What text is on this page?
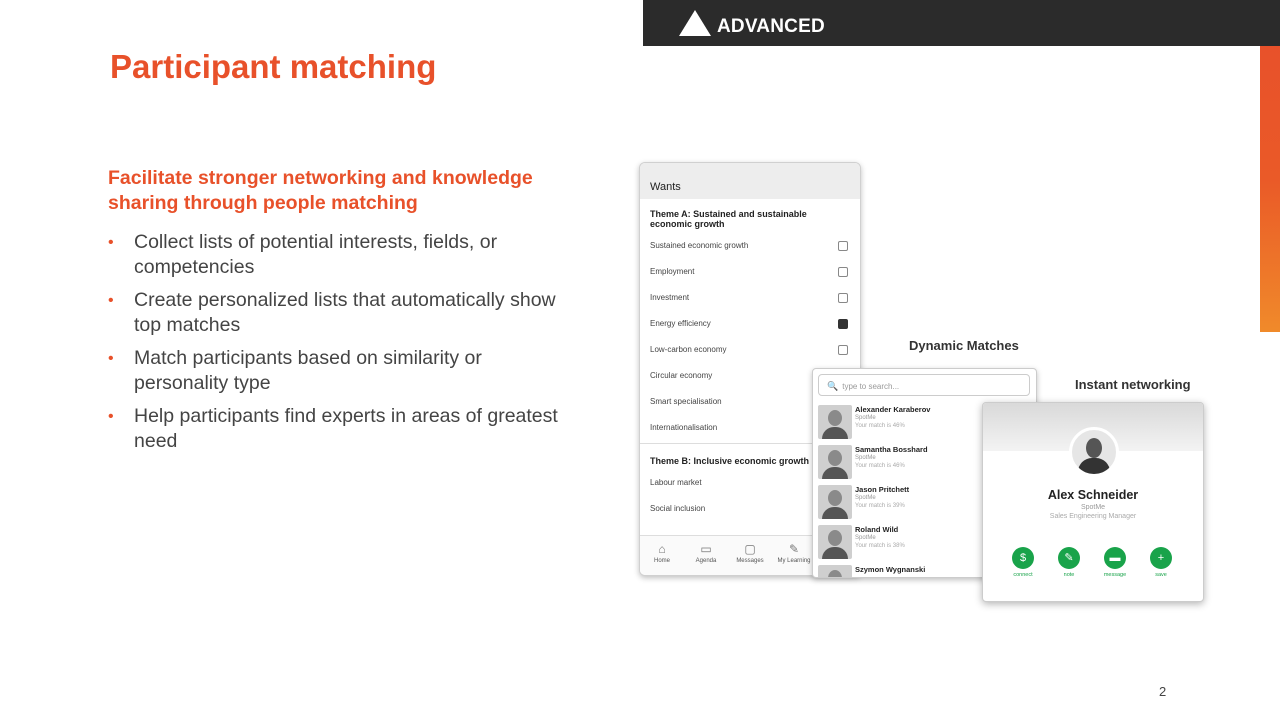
ADVANCED
Participant matching
Facilitate stronger networking and knowledge sharing through people matching
• Collect lists of potential interests, fields, or competencies
• Create personalized lists that automatically show top matches
• Match participants based on similarity or personality type
• Help participants find experts in areas of greatest need
Wants
Theme A: Sustained and sustainable economic growth
Sustained economic growth
Employment
Investment
Energy efficiency
Low-carbon economy
Circular economy
Smart specialisation
Internationalisation
Theme B: Inclusive economic growth
Labour market
Social inclusion
⌂
Home
▭
Agenda
▢
Messages
✎
My Learning
Dynamic Matches
Instant networking
🔍 type to search...
Alexander Karaberov
SpotMe
Your match is 46%
Samantha Bosshard
SpotMe
Your match is 46%
Jason Pritchett
SpotMe
Your match is 39%
Roland Wild
SpotMe
Your match is 38%
Szymon Wygnanski
Alex Schneider
SpotMe
Sales Engineering Manager
$
connect
✎
note
▬
message
+
save
2
